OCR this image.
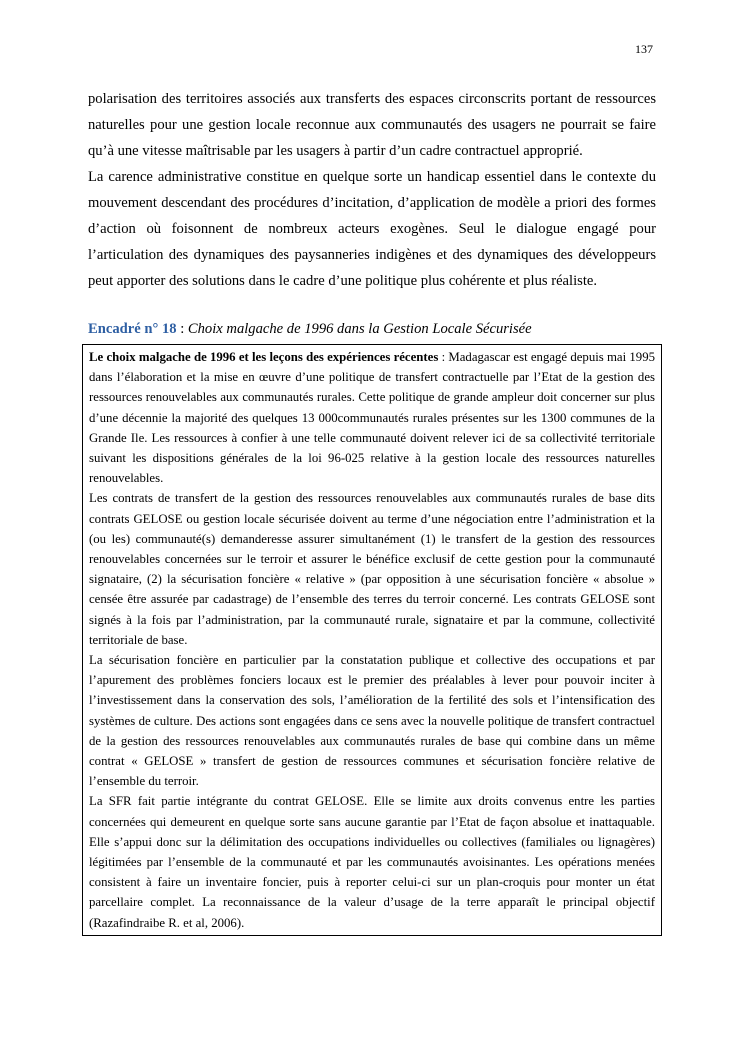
137

polarisation des territoires associés aux transferts des espaces circonscrits portant de ressources naturelles pour une gestion locale reconnue aux communautés des usagers ne pourrait se faire qu’à une vitesse maîtrisable par les usagers à partir d’un cadre contractuel approprié.

La carence administrative constitue en quelque sorte un handicap essentiel dans le contexte du mouvement descendant des procédures d’incitation, d’application de modèle a priori des formes d’action où foisonnent de nombreux acteurs exogènes. Seul le dialogue engagé pour l’articulation des dynamiques des paysanneries indigènes et des dynamiques des développeurs peut apporter des solutions dans le cadre d’une politique plus cohérente et plus réaliste.

Encadré n° 18 : Choix malgache de 1996 dans la Gestion Locale Sécurisée

Le choix malgache de 1996 et les leçons des expériences récentes : Madagascar est engagé depuis mai 1995 dans l’élaboration et la mise en œuvre d’une politique de transfert contractuelle par l’Etat de la gestion des ressources renouvelables aux communautés rurales. Cette politique de grande ampleur doit concerner sur plus d’une décennie la majorité des quelques 13 000communautés rurales présentes sur les 1300 communes de la Grande Ile. Les ressources à confier à une telle communauté doivent relever ici de sa collectivité territoriale suivant les dispositions générales de la loi 96-025 relative à la gestion locale des ressources naturelles renouvelables.

Les contrats de transfert de la gestion des ressources renouvelables aux communautés rurales de base dits contrats GELOSE ou gestion locale sécurisée doivent au terme d’une négociation entre l’administration et la (ou les) communauté(s) demanderesse assurer simultanément (1) le transfert de la gestion des ressources renouvelables concernées sur le terroir et assurer le bénéfice exclusif de cette gestion pour la communauté signataire, (2) la sécurisation foncière « relative » (par opposition à une sécurisation foncière « absolue » censée être assurée par cadastrage) de l’ensemble des terres du terroir concerné. Les contrats GELOSE sont signés à la fois par l’administration, par la communauté rurale, signataire et par la commune, collectivité territoriale de base.

La sécurisation foncière en particulier par la constatation publique et collective des occupations et par l’apurement des problèmes fonciers locaux est le premier des préalables à lever pour pouvoir inciter à l’investissement dans la conservation des sols, l’amélioration de la fertilité des sols et l’intensification des systèmes de culture. Des actions sont engagées dans ce sens avec la nouvelle politique de transfert contractuel de la gestion des ressources renouvelables aux communautés rurales de base qui combine dans un même contrat « GELOSE » transfert de gestion de ressources communes et sécurisation foncière relative de l’ensemble du terroir.

La SFR fait partie intégrante du contrat GELOSE. Elle se limite aux droits convenus entre les parties concernées qui demeurent en quelque sorte sans aucune garantie par l’Etat de façon absolue et inattaquable. Elle s’appui donc sur la délimitation des occupations individuelles ou collectives (familiales ou lignagères) légitimées par l’ensemble de la communauté et par les communautés avoisinantes. Les opérations menées consistent à faire un inventaire foncier, puis à reporter celui-ci sur un plan-croquis pour monter un état parcellaire complet. La reconnaissance de la valeur d’usage de la terre apparaît le principal objectif (Razafindraibe R. et al, 2006).
